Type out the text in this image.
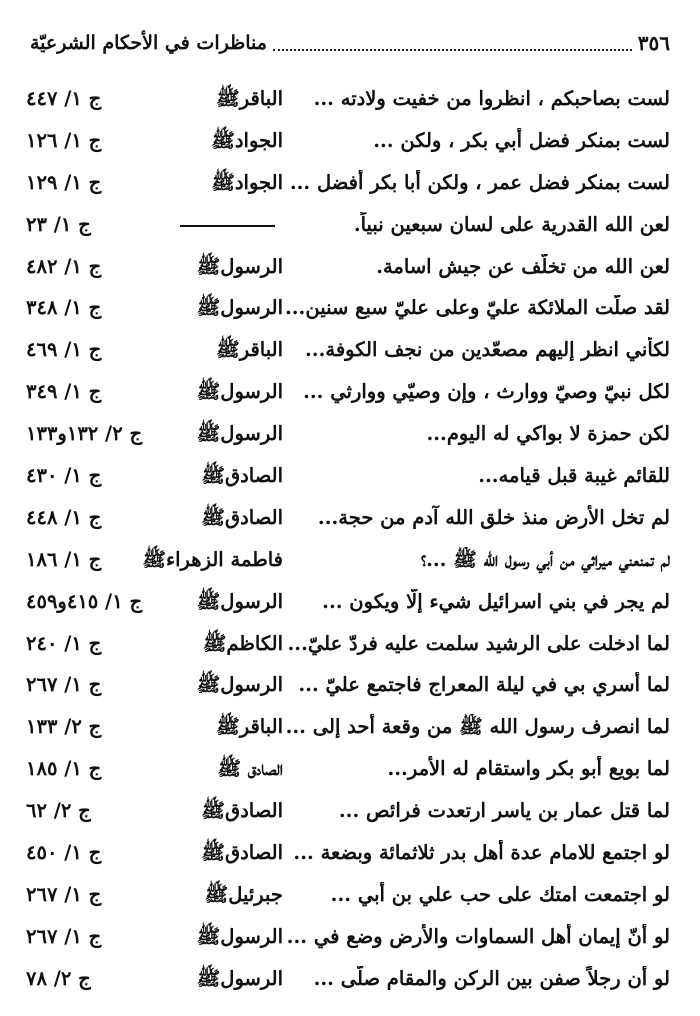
٣٥٦
مناظرات في الأحكام الشرعيّة
لست بصاحبكم ، انظروا من خفيت ولادته ...
الباقرﷺ
ج ١/ ٤٤٧
لست بمنكر فضل أبي بكر ، ولكن ...
الجوادﷺ
ج ١/ ١٢٦
لست بمنكر فضل عمر ، ولكن أبا بكر أفضل ...
الجوادﷺ
ج ١/ ١٢٩
لعن الله القدرية على لسان سبعين نبياً.
ج ١/ ٢٣
لعن الله من تخلّف عن جيش اسامة.
الرسولﷺ
ج ١/ ٤٨٢
لقد صلّت الملائكة عليّ وعلى عليّ سبع سنين...
الرسولﷺ
ج ١/ ٣٤٨
لكأني انظر إليهم مصعّدين من نجف الكوفة...
الباقرﷺ
ج ١/ ٤٦٩
لكل نبيّ وصيّ ووارث ، وإن وصيّي ووارثي ...
الرسولﷺ
ج ١/ ٣٤٩
لكن حمزة لا بواكي له اليوم...
الرسولﷺ
ج ٢/ ١٣٢و١٣٣
للقائم غيبة قبل قيامه...
الصادقﷺ
ج ١/ ٤٣٠
لم تخل الأرض منذ خلق الله آدم من حجة...
الصادقﷺ
ج ١/ ٤٤٨
لم تمنعني ميراثي من أبي رسول الله ﷺ ...؟
فاطمة الزهراءﷺ
ج ١/ ١٨٦
لم يجر في بني اسرائيل شيء إلّا ويكون ...
الرسولﷺ
ج ١/ ٤١٥و٤٥٩
لما ادخلت على الرشيد سلمت عليه فردّ عليّ...
الكاظمﷺ
ج ١/ ٢٤٠
لما أُسري بي في ليلة المعراج فاجتمع عليّ ...
الرسولﷺ
ج ١/ ٢٦٧
لما انصرف رسول الله ﷺ من وقعة أحد إلى ...
الباقرﷺ
ج ٢/ ١٣٣
لما بويع أبو بكر واستقام له الأمر...
الصادق ﷺ
ج ١/ ١٨٥
لما قتل عمار بن ياسر ارتعدت فرائص ...
الصادقﷺ
ج ٢/ ٦٢
لو اجتمع للامام عدة أهل بدر ثلاثمائة وبضعة ...
الصادقﷺ
ج ١/ ٤٥٠
لو اجتمعت امتك على حب علي بن أبي ...
جبرئيلﷺ
ج ١/ ٢٦٧
لو أنّ إيمان أهل السماوات والأرض وضع في ...
الرسولﷺ
ج ١/ ٢٦٧
لو أن رجلاً صفن بين الركن والمقام صلّى ...
الرسولﷺ
ج ٢/ ٧٨
